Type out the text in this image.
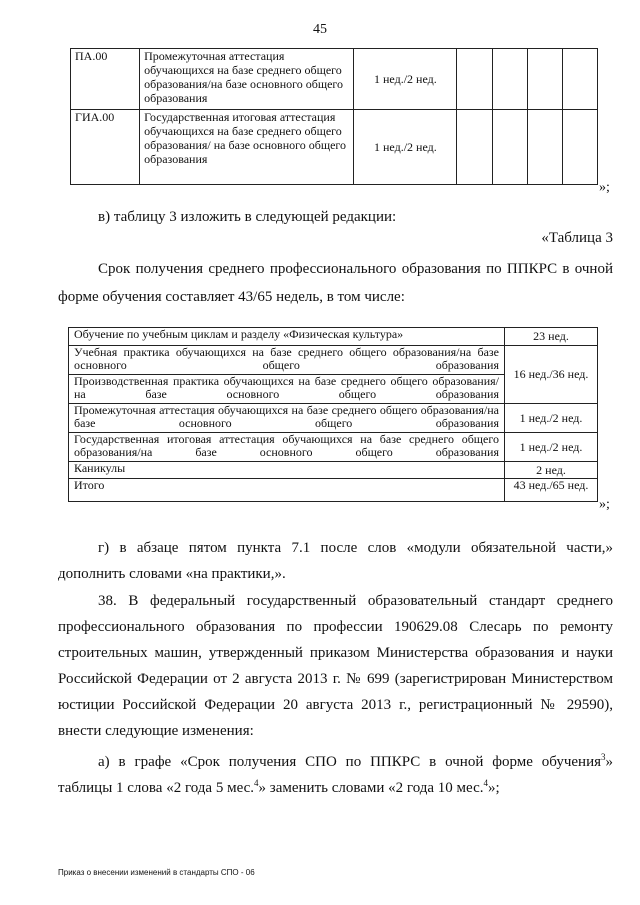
45
ПА.00	Промежуточная аттестация обучающихся на базе среднего общего образования/на базе основного общего образования	1 нед./2 нед.				
ГИА.00	Государственная итоговая аттестация обучающихся на базе среднего общего образования/ на базе основного общего образования	1 нед./2 нед.				
»;
в) таблицу 3 изложить в следующей редакции:
«Таблица 3
Срок получения среднего профессионального образования по ППКРС в очной
форме обучения составляет 43/65 недель, в том числе:
Обучение по учебным циклам и разделу «Физическая культура»	23 нед.
Учебная практика обучающихся на базе среднего общего образования/на базе основного общего образования	16 нед./36 нед.
Производственная практика обучающихся на базе среднего общего образования/на базе основного общего образования	
Промежуточная аттестация обучающихся на базе среднего общего образования/на базе основного общего образования	1 нед./2 нед.
Государственная итоговая аттестация обучающихся на базе среднего общего образования/на базе основного общего образования	1 нед./2 нед.
Каникулы	2 нед.
Итого	43 нед./65 нед.
»;
г) в абзаце пятом пункта 7.1 после слов «модули обязательной части,»
дополнить словами «на практики,».
38. В федеральный государственный образовательный стандарт среднего
профессионального образования по профессии 190629.08 Слесарь по ремонту
строительных машин, утвержденный приказом Министерства образования и науки
Российской Федерации от 2 августа 2013 г. № 699 (зарегистрирован Министерством
юстиции Российской Федерации 20 августа 2013 г., регистрационный № 29590),
внести следующие изменения:
а) в графе «Срок получения СПО по ППКРС в очной форме обучения$^3$»
таблицы 1 слова «2 года 5 мес.$^4$» заменить словами «2 года 10 мес.$^4$»;
Приказ о внесении изменений в стандарты СПО - 06
